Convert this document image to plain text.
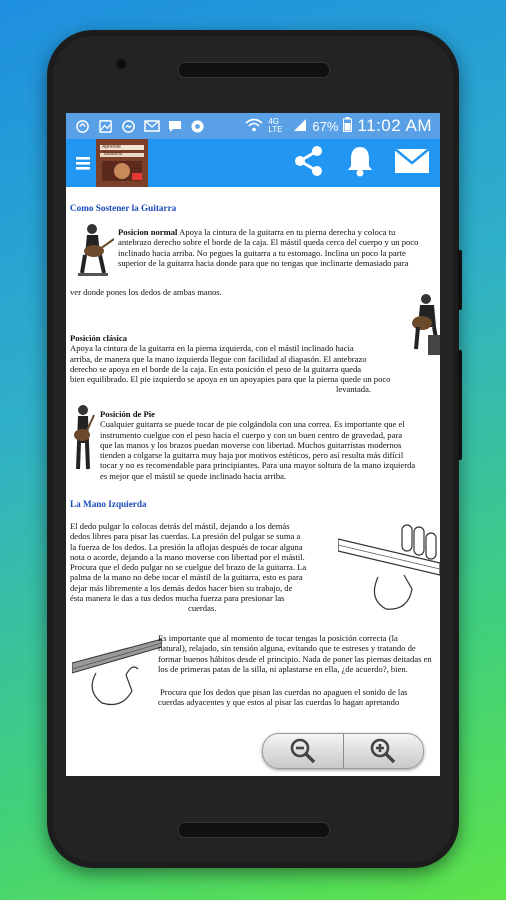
4G LTE	67% 11:02 AM
Aprende
Guitarra
Como Sostener la Guitarra
Posicion normal Apoya la cintura de la guitarra en tu pierna derecha y coloca tu
antebrazo derecho sobre el borde de la caja. El mástil queda cerca del cuerpo y un poco
inclinado hacia arriba. No pegues la guitarra a tu estomago. Inclina un poco la parte
superior de la guitarra hacia donde para que no tengas que inclinarte demasiado para
ver donde pones los dedos de ambas manos.
Posición clásica
Apoya la cintura de la guitarra en la pierna izquierda, con el mástil inclinado hacia
arriba, de manera que la mano izquierda llegue con facilidad al diapasón. El antebrazo
derecho se apoya en el borde de la caja. En esta posición el peso de la guitarra queda
bien equilibrado. El pie izquierdo se apoya en un apoyapies para que la pierna quede un poco
levantada.
Posición de Pie
Cualquier guitarra se puede tocar de pie colgándola con una correa. Es importante que el
instrumento cuelgue con el peso hacia el cuerpo y con un buen centro de gravedad, para
que las manos y los brazos puedan moverse con libertad. Muchos guitarristas modernos
tienden a colgarse la guitarra muy baja por motivos estéticos, pero así resulta más difícil
tocar y no es recomendable para principiantes. Para una mayor soltura de la mano izquierda
es mejor que el mástil se quede inclinado hacia arriba.
La Mano Izquierda
El dedo pulgar lo colocas detrás del mástil, dejando a los demás
dedos libres para pisar las cuerdas. La presión del pulgar se suma a
la fuerza de los dedos. La presión la aflojas después de tocar alguna
nota o acorde, dejando a la mano moverse con libertad por el mástil.
Procura que el dedo pulgar no se cuelgue del brazo de la guitarra. La
palma de la mano no debe tocar el mástil de la guitarra, esto es para
dejar más libremente a los demás dedos hacer bien su trabajo, de
ésta manera le das a tus dedos mucha fuerza para presionar las
cuerdas.
Es importante que al momento de tocar tengas la posición correcta (la
natural), relajado, sin tensión alguna, evitando que te estreses y tratando de
formar buenos hábitos desde el principio. Nada de poner las piernas deitadas en
los de primeras patas de la silla, ni aplastarse en ella, ¿de acuerdo?, bien.
Procura que los dedos que pisan las cuerdas no apaguen el sonido de las
cuerdas adyacentes y que estos al pisar las cuerdas lo hagan apretando
